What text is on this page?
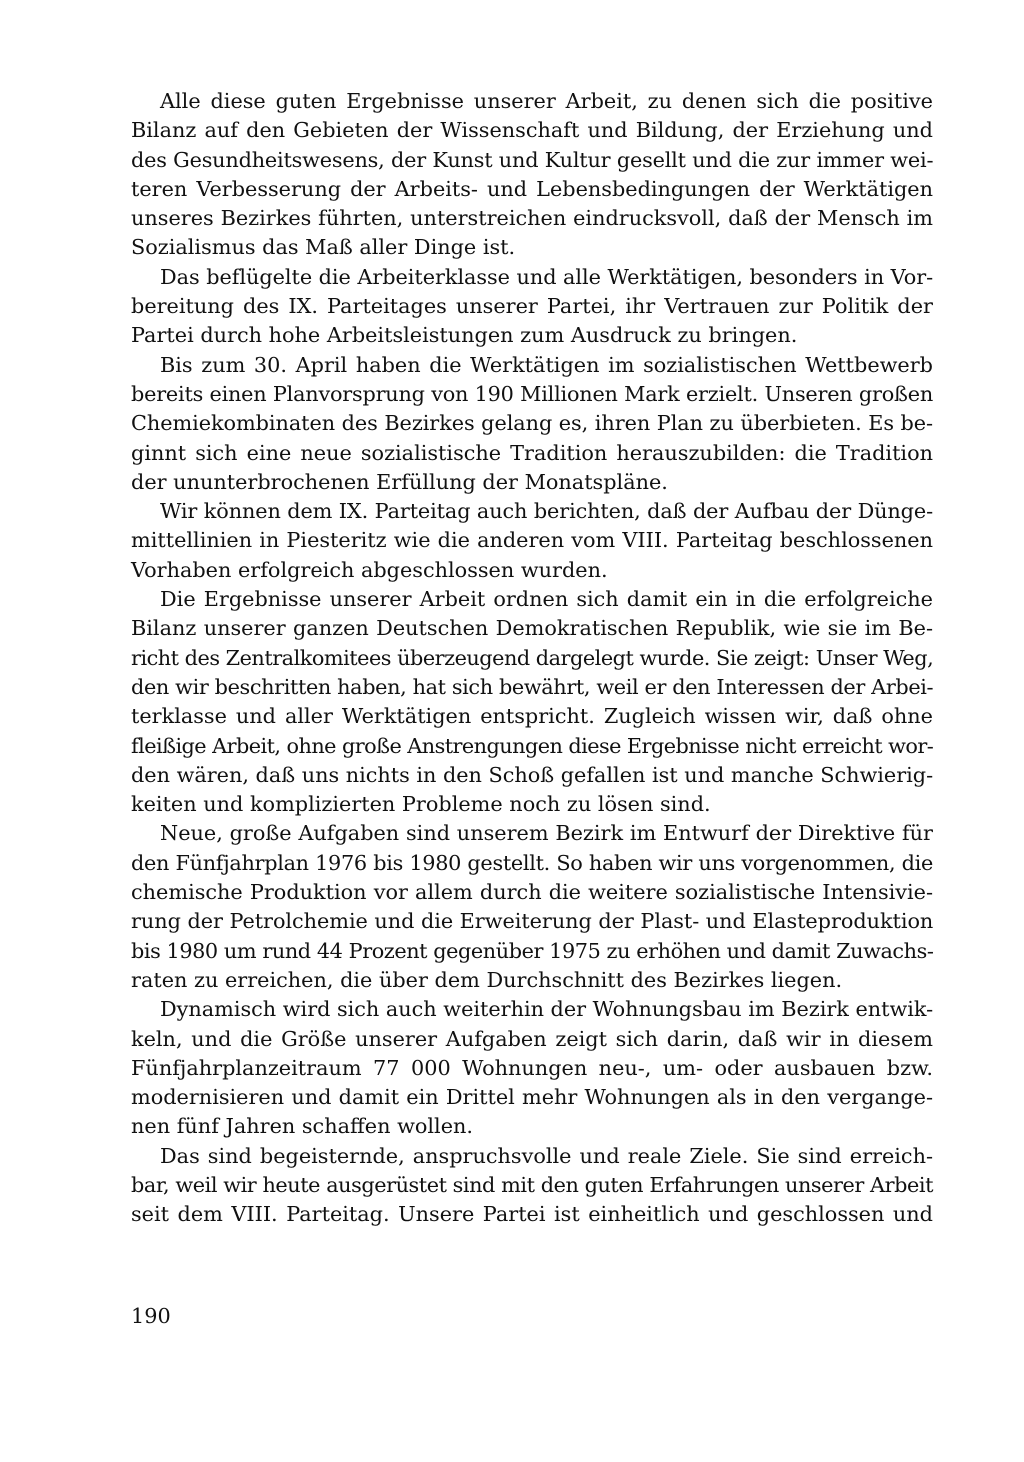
Alle diese guten Ergebnisse unserer Arbeit, zu denen sich die positive
Bilanz auf den Gebieten der Wissenschaft und Bildung, der Erziehung und
des Gesundheitswesens, der Kunst und Kultur gesellt und die zur immer wei-
teren Verbesserung der Arbeits- und Lebensbedingungen der Werktätigen
unseres Bezirkes führten, unterstreichen eindrucksvoll, daß der Mensch im
Sozialismus das Maß aller Dinge ist.
Das beflügelte die Arbeiterklasse und alle Werktätigen, besonders in Vor-
bereitung des IX. Parteitages unserer Partei, ihr Vertrauen zur Politik der
Partei durch hohe Arbeitsleistungen zum Ausdruck zu bringen.
Bis zum 30. April haben die Werktätigen im sozialistischen Wettbewerb
bereits einen Planvorsprung von 190 Millionen Mark erzielt. Unseren großen
Chemiekombinaten des Bezirkes gelang es, ihren Plan zu überbieten. Es be-
ginnt sich eine neue sozialistische Tradition herauszubilden: die Tradition
der ununterbrochenen Erfüllung der Monatspläne.
Wir können dem IX. Parteitag auch berichten, daß der Aufbau der Dünge-
mittellinien in Piesteritz wie die anderen vom VIII. Parteitag beschlossenen
Vorhaben erfolgreich abgeschlossen wurden.
Die Ergebnisse unserer Arbeit ordnen sich damit ein in die erfolgreiche
Bilanz unserer ganzen Deutschen Demokratischen Republik, wie sie im Be-
richt des Zentralkomitees überzeugend dargelegt wurde. Sie zeigt: Unser Weg,
den wir beschritten haben, hat sich bewährt, weil er den Interessen der Arbei-
terklasse und aller Werktätigen entspricht. Zugleich wissen wir, daß ohne
fleißige Arbeit, ohne große Anstrengungen diese Ergebnisse nicht erreicht wor-
den wären, daß uns nichts in den Schoß gefallen ist und manche Schwierig-
keiten und komplizierten Probleme noch zu lösen sind.
Neue, große Aufgaben sind unserem Bezirk im Entwurf der Direktive für
den Fünfjahrplan 1976 bis 1980 gestellt. So haben wir uns vorgenommen, die
chemische Produktion vor allem durch die weitere sozialistische Intensivie-
rung der Petrolchemie und die Erweiterung der Plast- und Elasteproduktion
bis 1980 um rund 44 Prozent gegenüber 1975 zu erhöhen und damit Zuwachs-
raten zu erreichen, die über dem Durchschnitt des Bezirkes liegen.
Dynamisch wird sich auch weiterhin der Wohnungsbau im Bezirk entwik-
keln, und die Größe unserer Aufgaben zeigt sich darin, daß wir in diesem
Fünfjahrplanzeitraum 77 000 Wohnungen neu-, um- oder ausbauen bzw.
modernisieren und damit ein Drittel mehr Wohnungen als in den vergange-
nen fünf Jahren schaffen wollen.
Das sind begeisternde, anspruchsvolle und reale Ziele. Sie sind erreich-
bar, weil wir heute ausgerüstet sind mit den guten Erfahrungen unserer Arbeit
seit dem VIII. Parteitag. Unsere Partei ist einheitlich und geschlossen und
190
